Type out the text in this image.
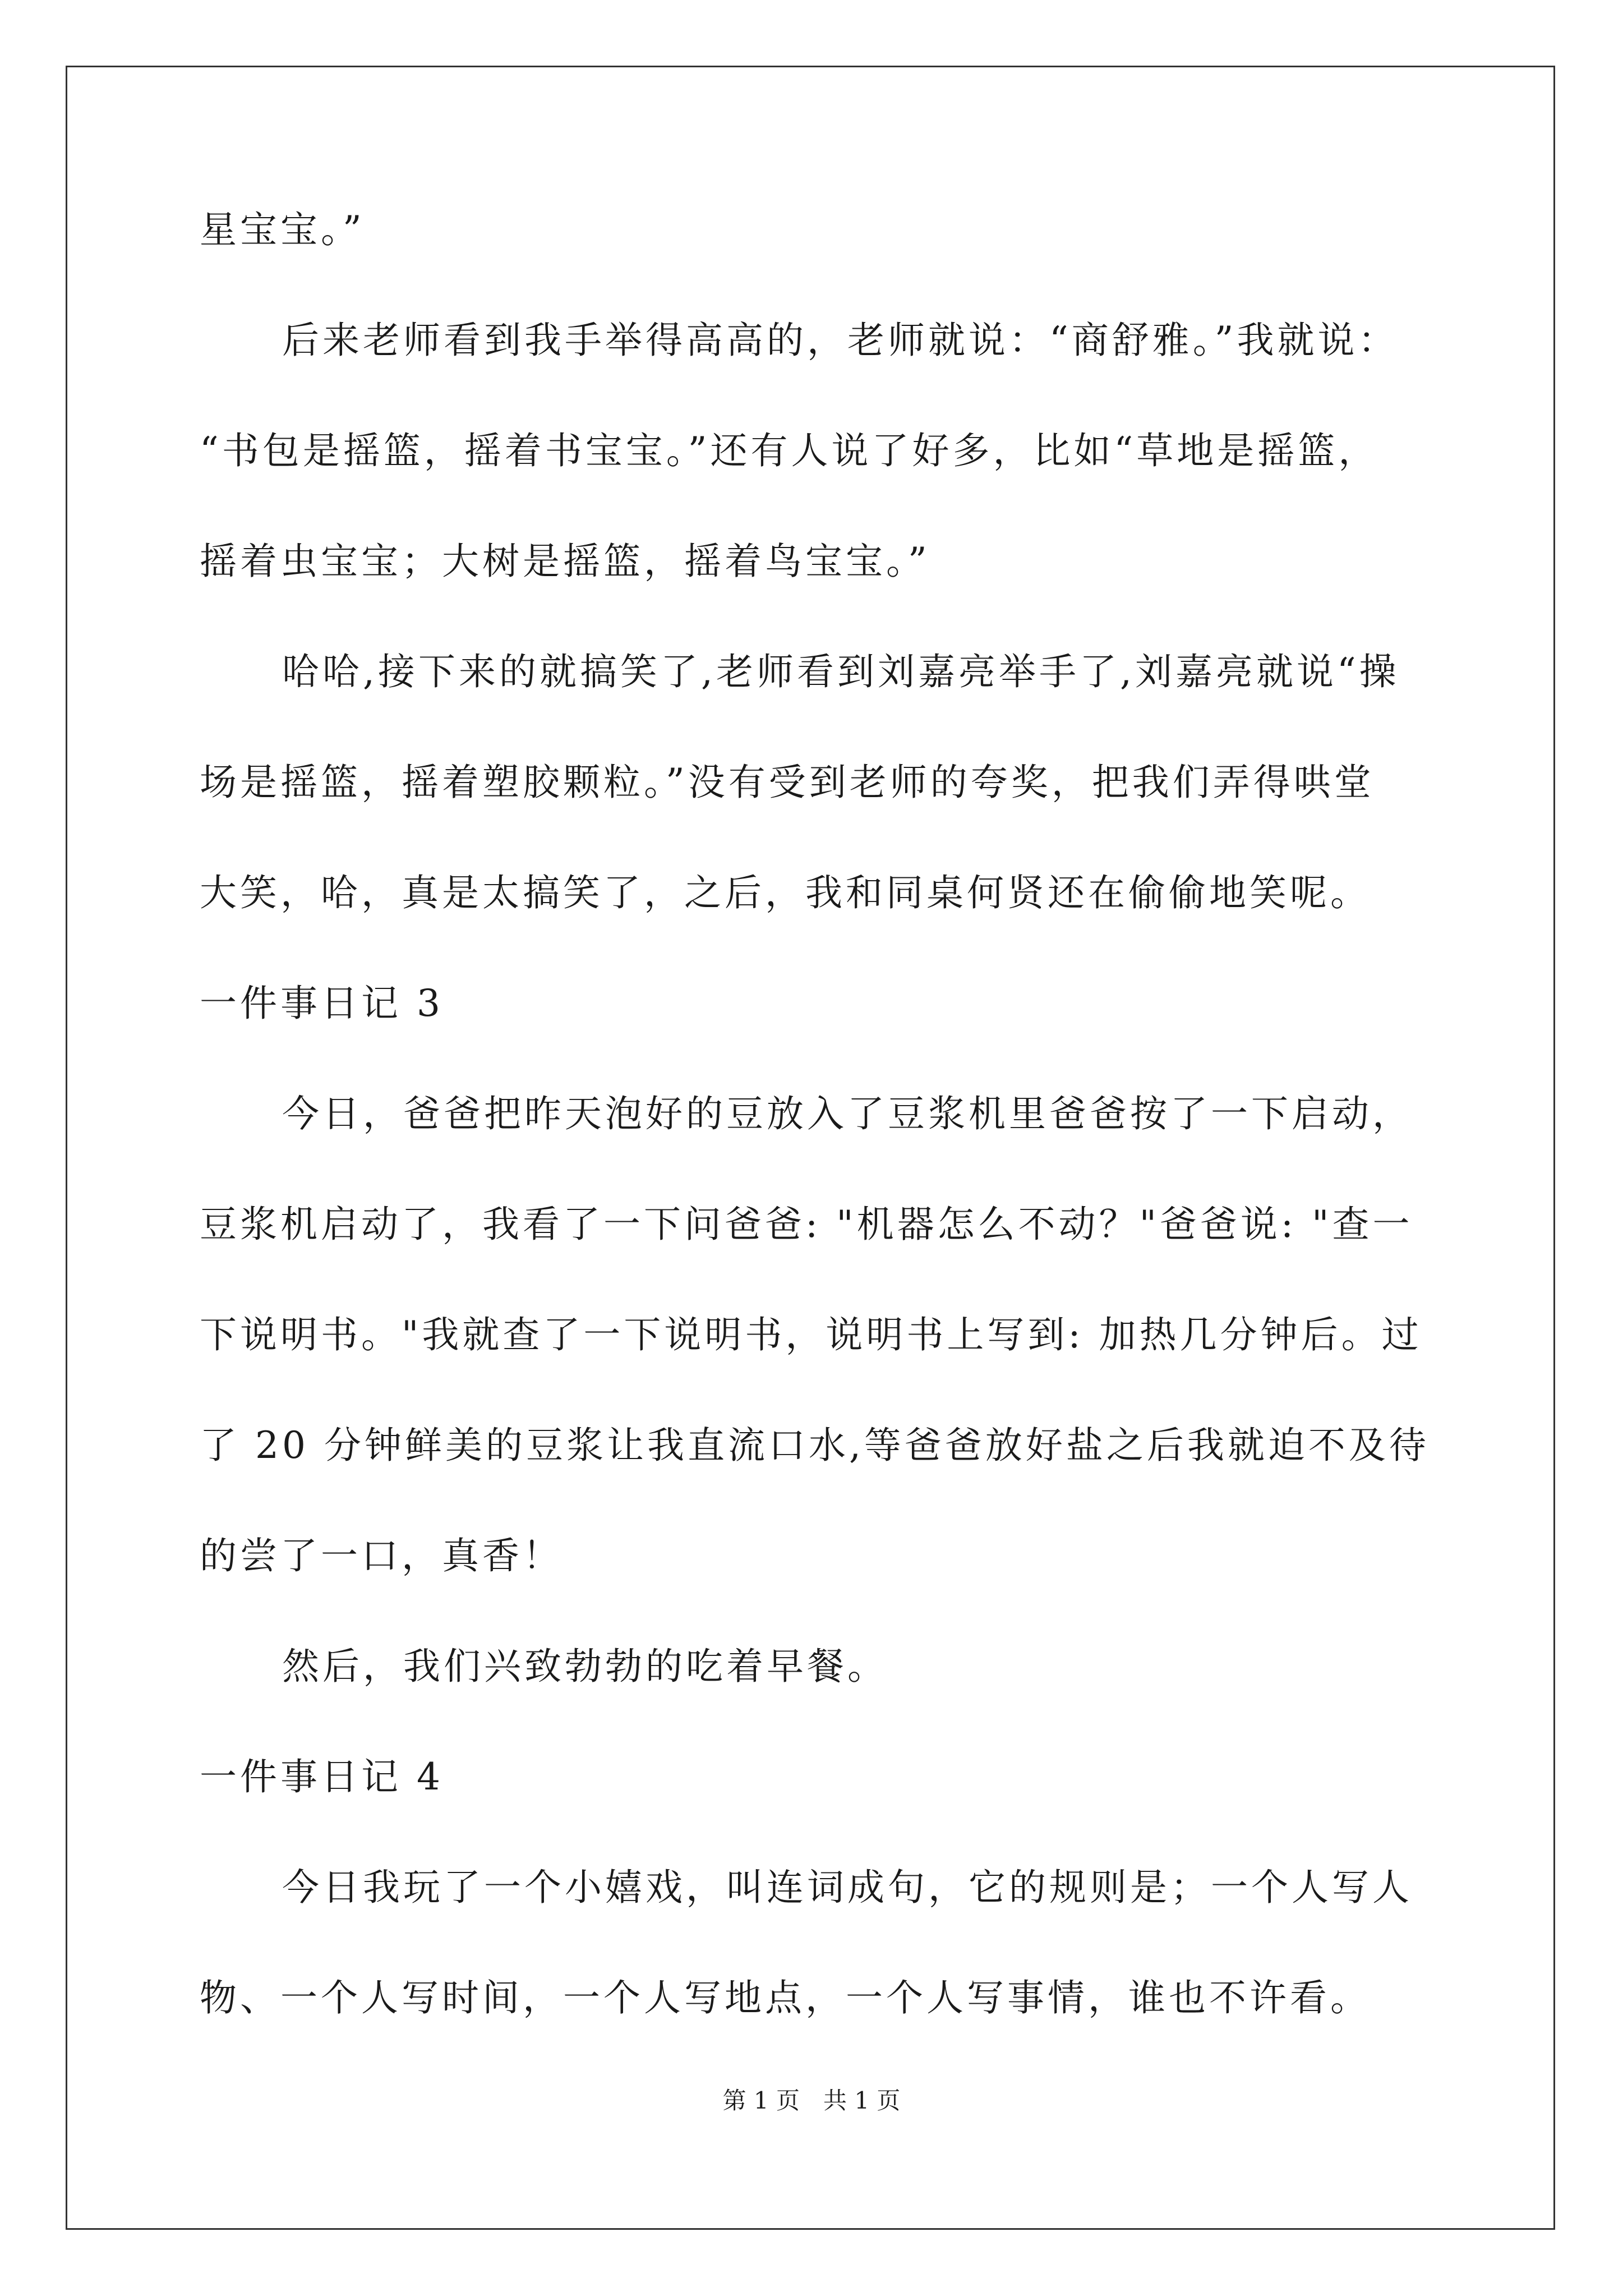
星宝宝。”
后来老师看到我手举得高高的，老师就说：“商舒雅。”我就说：
“书包是摇篮，摇着书宝宝。”还有人说了好多，比如“草地是摇篮，
摇着虫宝宝；大树是摇篮，摇着鸟宝宝。”
哈哈,接下来的就搞笑了,老师看到刘嘉亮举手了,刘嘉亮就说“操
场是摇篮，摇着塑胶颗粒。”没有受到老师的夸奖，把我们弄得哄堂
大笑，哈，真是太搞笑了，之后，我和同桌何贤还在偷偷地笑呢。
一件事日记 3
今日，爸爸把昨天泡好的豆放入了豆浆机里爸爸按了一下启动，
豆浆机启动了，我看了一下问爸爸: "机器怎么不动？"爸爸说: "查一
下说明书。"我就查了一下说明书，说明书上写到: 加热几分钟后。过
了 20 分钟鲜美的豆浆让我直流口水,等爸爸放好盐之后我就迫不及待
的尝了一口，真香！
然后，我们兴致勃勃的吃着早餐。
一件事日记 4
今日我玩了一个小嬉戏，叫连词成句，它的规则是；一个人写人
物、一个人写时间，一个人写地点，一个人写事情，谁也不许看。
第 1 页　共 1 页
